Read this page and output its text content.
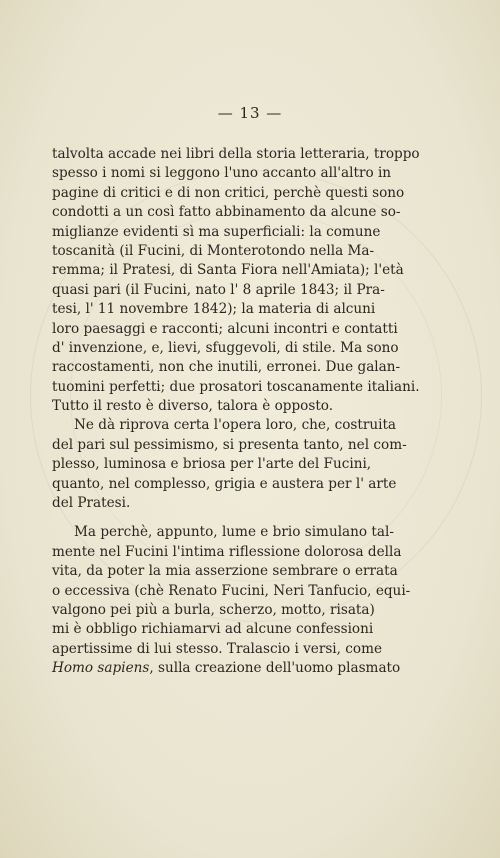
— 13 —
talvolta accade nei libri della storia letteraria, troppo
spesso i nomi si leggono l'uno accanto all'altro in
pagine di critici e di non critici, perchè questi sono
condotti a un così fatto abbinamento da alcune so-
miglianze evidenti sì ma superficiali: la comune
toscanità (il Fucini, di Monterotondo nella Ma-
remma; il Pratesi, di Santa Fiora nell'Amiata); l'età
quasi pari (il Fucini, nato l' 8 aprile 1843; il Pra-
tesi, l' 11 novembre 1842); la materia di alcuni
loro paesaggi e racconti; alcuni incontri e contatti
d' invenzione, e, lievi, sfuggevoli, di stile. Ma sono
raccostamenti, non che inutili, erronei. Due galan-
tuomini perfetti; due prosatori toscanamente italiani.
Tutto il resto è diverso, talora è opposto.
Ne dà riprova certa l'opera loro, che, costruita
del pari sul pessimismo, si presenta tanto, nel com-
plesso, luminosa e briosa per l'arte del Fucini,
quanto, nel complesso, grigia e austera per l' arte
del Pratesi.
Ma perchè, appunto, lume e brio simulano tal-
mente nel Fucini l'intima riflessione dolorosa della
vita, da poter la mia asserzione sembrare o errata
o eccessiva (chè Renato Fucini, Neri Tanfucio, equi-
valgono pei più a burla, scherzo, motto, risata)
mi è obbligo richiamarvi ad alcune confessioni
apertissime di lui stesso. Tralascio i versi, come
Homo sapiens, sulla creazione dell'uomo plasmato
